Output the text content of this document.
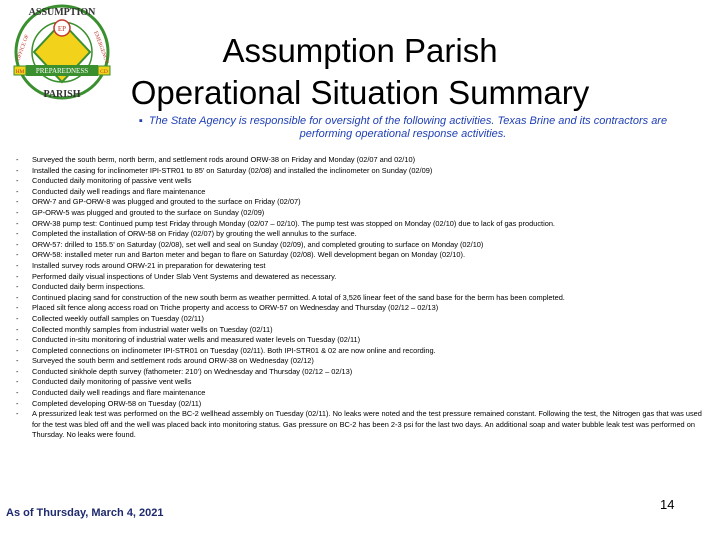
EP
HM	CD
PREPAREDNESS
ASSUMPTION
OFFICE OF	EMERGENCY
PARISH
Assumption Parish
Operational Situation Summary
▪ The State Agency is responsible for oversight of the following activities. Texas Brine and its contractors are performing operational response activities.
- Surveyed the south berm, north berm, and settlement rods around ORW-38 on Friday and Monday (02/07 and 02/10)
- Installed the casing for inclinometer IPI-STR01 to 85’ on Saturday (02/08) and installed the inclinometer on Sunday (02/09)
- Conducted daily monitoring of passive vent wells
- Conducted daily well readings and flare maintenance
- ORW-7 and GP-ORW-8 was plugged and grouted to the surface on Friday (02/07)
- GP-ORW-5 was plugged and grouted to the surface on Sunday (02/09)
- ORW-38 pump test: Continued pump test Friday through Monday (02/07 – 02/10). The pump test was stopped on Monday (02/10) due to lack of gas production.
- Completed the installation of ORW-58 on Friday (02/07) by grouting the well annulus to the surface.
- ORW-57: drilled to 155.5’ on Saturday (02/08), set well and seal on Sunday (02/09), and completed grouting to surface on Monday (02/10)
- ORW-58: installed meter run and Barton meter and began to flare on Saturday (02/08). Well development began on Monday (02/10).
- Installed survey rods around ORW-21 in preparation for dewatering test
- Performed daily visual inspections of Under Slab Vent Systems and dewatered as necessary.
- Conducted daily berm inspections.
- Continued placing sand for construction of the new south berm as weather permitted. A total of 3,526 linear feet of the sand base for the berm has been completed.
- Placed silt fence along access road on Triche property and access to ORW-57 on Wednesday and Thursday (02/12 – 02/13)
- Collected weekly outfall samples on Tuesday (02/11)
- Collected monthly samples from industrial water wells on Tuesday (02/11)
- Conducted in-situ monitoring of industrial water wells and measured water levels on Tuesday (02/11)
- Completed connections on inclinometer IPI-STR01 on Tuesday (02/11). Both IPI-STR01 & 02 are now online and recording.
- Surveyed the south berm and settlement rods around ORW-38 on Wednesday (02/12)
- Conducted sinkhole depth survey (fathometer: 210’) on Wednesday and Thursday (02/12 – 02/13)
- Conducted daily monitoring of passive vent wells
- Conducted daily well readings and flare maintenance
- Completed developing ORW-58 on Tuesday (02/11)
- A pressurized leak test was performed on the BC-2 wellhead assembly on Tuesday (02/11). No leaks were noted and the test pressure remained constant. Following the test, the Nitrogen gas that was used for the test was bled off and the well was placed back into monitoring status. Gas pressure on BC-2 has been 2-3 psi for the last two days. An additional soap and water bubble leak test was performed on Thursday. No leaks were found.
As of Thursday, March 4, 2021
14
